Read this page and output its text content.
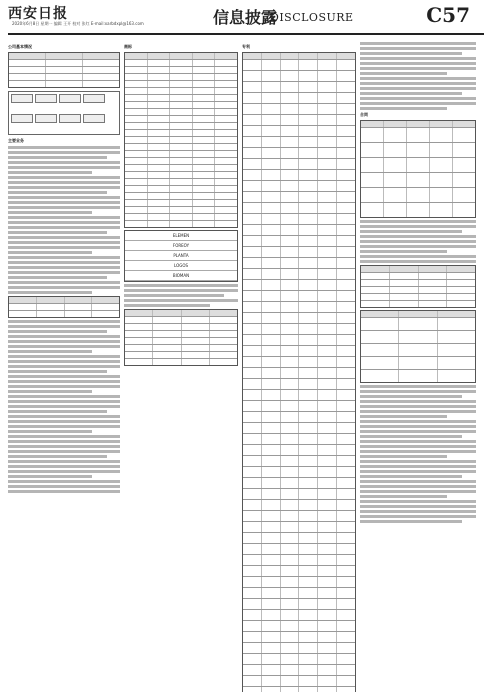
西安日报
2020年6月8日 星期一 编辑 王开 校对 张红 E-mail:xarbdxpl@163.com	信息披露
DISCLOSURE	C57
公司基本情况
主要业务
商标
ELEMEN
FOREOY
PLANTA
LOGOS
BIOMAN
专利
合同
